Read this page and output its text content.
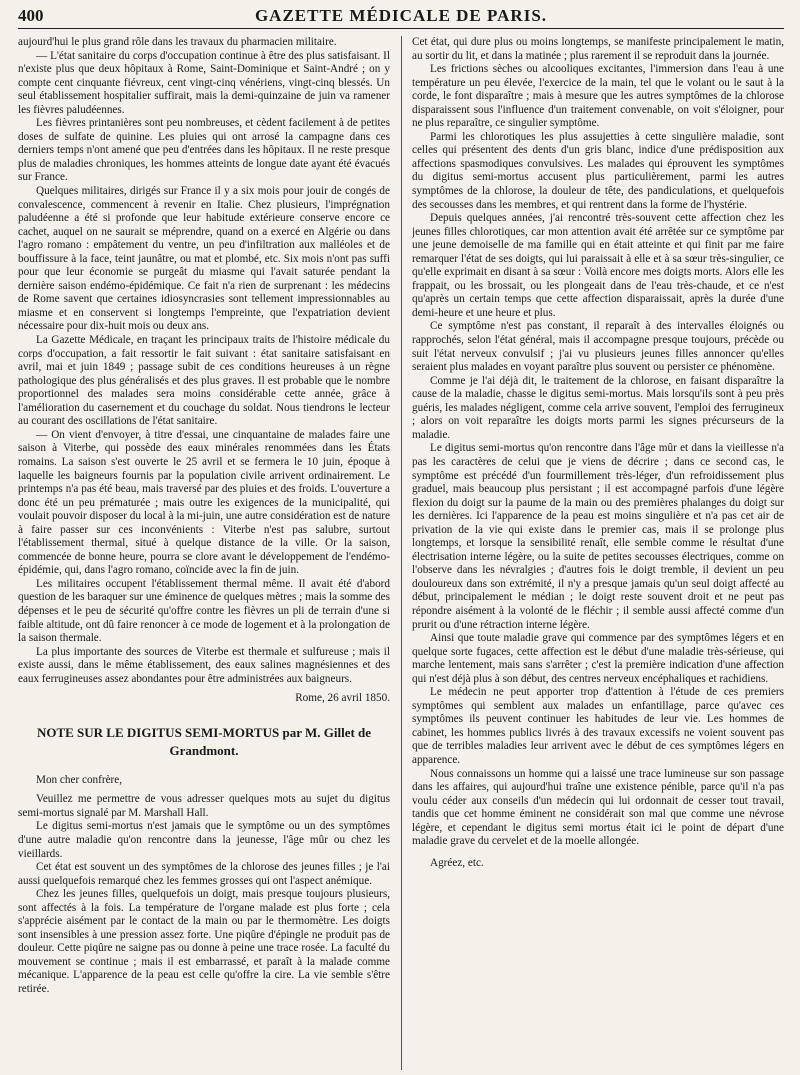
400	GAZETTE MÉDICALE DE PARIS.

aujourd'hui le plus grand rôle dans les travaux du pharmacien militaire.

— L'état sanitaire du corps d'occupation continue à être des plus satisfaisant. Il n'existe plus que deux hôpitaux à Rome, Saint-Dominique et Saint-André ; on y compte cent cinquante fiévreux, cent vingt-cinq vénériens, vingt-cinq blessés. Un seul établissement hospitalier suffirait, mais la demi-quinzaine de juin va ramener les fièvres paludéennes.

Les fièvres printanières sont peu nombreuses, et cèdent facilement à de petites doses de sulfate de quinine. Les pluies qui ont arrosé la campagne dans ces derniers temps n'ont amené que peu d'entrées dans les hôpitaux. Il ne reste presque plus de maladies chroniques, les hommes atteints de longue date ayant été évacués sur France.

Quelques militaires, dirigés sur France il y a six mois pour jouir de congés de convalescence, commencent à revenir en Italie. Chez plusieurs, l'imprégnation paludéenne a été si profonde que leur habitude extérieure conserve encore ce cachet, auquel on ne saurait se méprendre, quand on a exercé en Algérie ou dans l'agro romano : empâtement du ventre, un peu d'infiltration aux malléoles et de bouffissure à la face, teint jaunâtre, ou mat et plombé, etc. Six mois n'ont pas suffi pour que leur économie se purgeât du miasme qui l'avait saturée pendant la dernière saison endémo-épidémique. Ce fait n'a rien de surprenant : les médecins de Rome savent que certaines idiosyncrasies sont tellement impressionnables au miasme et en conservent si longtemps l'empreinte, que l'expatriation devient nécessaire pour dix-huit mois ou deux ans.

La Gazette Médicale, en traçant les principaux traits de l'histoire médicale du corps d'occupation, a fait ressortir le fait suivant : état sanitaire satisfaisant en avril, mai et juin 1849 ; passage subit de ces conditions heureuses à un règne pathologique des plus généralisés et des plus graves. Il est probable que le nombre proportionnel des malades sera moins considérable cette année, grâce à l'amélioration du casernement et du couchage du soldat. Nous tiendrons le lecteur au courant des oscillations de l'état sanitaire.

— On vient d'envoyer, à titre d'essai, une cinquantaine de malades faire une saison à Viterbe, qui possède des eaux minérales renommées dans les États romains. La saison s'est ouverte le 25 avril et se fermera le 10 juin, époque à laquelle les baigneurs fournis par la population civile arrivent ordinairement. Le printemps n'a pas été beau, mais traversé par des pluies et des froids. L'ouverture a donc été un peu prématurée ; mais outre les exigences de la municipalité, qui voulait pouvoir disposer du local à la mi-juin, une autre considération est de nature à faire passer sur ces inconvénients : Viterbe n'est pas salubre, surtout l'établissement thermal, situé à quelque distance de la ville. Or la saison, commencée de bonne heure, pourra se clore avant le développement de l'endémo-épidémie, qui, dans l'agro romano, coïncide avec la fin de juin.

Les militaires occupent l'établissement thermal même. Il avait été d'abord question de les baraquer sur une éminence de quelques mètres ; mais la somme des dépenses et le peu de sécurité qu'offre contre les fièvres un pli de terrain d'une si faible altitude, ont dû faire renoncer à ce mode de logement et à la prolongation de la saison thermale.

La plus importante des sources de Viterbe est thermale et sulfureuse ; mais il existe aussi, dans le même établissement, des eaux salines magnésiennes et des eaux ferrugineuses assez abondantes pour être administrées aux baigneurs.

Rome, 26 avril 1850.

NOTE SUR LE DIGITUS SEMI-MORTUS par M. Gillet de Grandmont.

Mon cher confrère,

Veuillez me permettre de vous adresser quelques mots au sujet du digitus semi-mortus signalé par M. Marshall Hall.

Le digitus semi-mortus n'est jamais que le symptôme ou un des symptômes d'une autre maladie qu'on rencontre dans la jeunesse, l'âge mûr ou chez les vieillards.

Cet état est souvent un des symptômes de la chlorose des jeunes filles ; je l'ai aussi quelquefois remarqué chez les femmes grosses qui ont l'aspect anémique.

Chez les jeunes filles, quelquefois un doigt, mais presque toujours plusieurs, sont affectés à la fois. La température de l'organe malade est plus forte ; cela s'apprécie aisément par le contact de la main ou par le thermomètre. Les doigts sont insensibles à une pression assez forte. Une piqûre d'épingle ne produit pas de douleur. Cette piqûre ne saigne pas ou donne à peine une trace rosée. La faculté du mouvement se continue ; mais il est embarrassé, et paraît à la malade comme mécanique. L'apparence de la peau est celle qu'offre la cire. La vie semble s'être retirée.

Cet état, qui dure plus ou moins longtemps, se manifeste principalement le matin, au sortir du lit, et dans la matinée ; plus rarement il se reproduit dans la journée.

Les frictions sèches ou alcooliques excitantes, l'immersion dans l'eau à une température un peu élevée, l'exercice de la main, tel que le volant ou le saut à la corde, le font disparaître ; mais à mesure que les autres symptômes de la chlorose disparaissent sous l'influence d'un traitement convenable, on voit s'éloigner, pour ne plus reparaître, ce singulier symptôme.

Parmi les chlorotiques les plus assujetties à cette singulière maladie, sont celles qui présentent des dents d'un gris blanc, indice d'une prédisposition aux affections spasmodiques convulsives. Les malades qui éprouvent les symptômes du digitus semi-mortus accusent plus particulièrement, parmi les autres symptômes de la chlorose, la douleur de tête, des pandiculations, et quelquefois des secousses dans les membres, et qui rentrent dans la forme de l'hystérie.

Depuis quelques années, j'ai rencontré très-souvent cette affection chez les jeunes filles chlorotiques, car mon attention avait été arrêtée sur ce symptôme par une jeune demoiselle de ma famille qui en était atteinte et qui finit par me faire remarquer l'état de ses doigts, qui lui paraissait à elle et à sa sœur très-singulier, ce qu'elle exprimait en disant à sa sœur : Voilà encore mes doigts morts. Alors elle les frappait, ou les brossait, ou les plongeait dans de l'eau très-chaude, et ce n'est qu'après un certain temps que cette affection disparaissait, après la durée d'une demi-heure et une heure et plus.

Ce symptôme n'est pas constant, il reparaît à des intervalles éloignés ou rapprochés, selon l'état général, mais il accompagne presque toujours, précède ou suit l'état nerveux convulsif ; j'ai vu plusieurs jeunes filles annoncer qu'elles seraient plus malades en voyant paraître plus souvent ou persister ce phénomène.

Comme je l'ai déjà dit, le traitement de la chlorose, en faisant disparaître la cause de la maladie, chasse le digitus semi-mortus. Mais lorsqu'ils sont à peu près guéris, les malades négligent, comme cela arrive souvent, l'emploi des ferrugineux ; alors on voit reparaître les doigts morts parmi les signes précurseurs de la maladie.

Le digitus semi-mortus qu'on rencontre dans l'âge mûr et dans la vieillesse n'a pas les caractères de celui que je viens de décrire ; dans ce second cas, le symptôme est précédé d'un fourmillement très-léger, d'un refroidissement plus graduel, mais beaucoup plus persistant ; il est accompagné parfois d'une légère flexion du doigt sur la paume de la main ou des premières phalanges du doigt sur les dernières. Ici l'apparence de la peau est moins singulière et n'a pas cet air de privation de la vie qui existe dans le premier cas, mais il se prolonge plus longtemps, et lorsque la sensibilité renaît, elle semble comme le résultat d'une électrisation interne légère, ou la suite de petites secousses électriques, comme on l'observe dans les névralgies ; d'autres fois le doigt tremble, il devient un peu douloureux dans son extrémité, il n'y a presque jamais qu'un seul doigt affecté au début, principalement le médian ; le doigt reste souvent droit et ne peut pas répondre aisément à la volonté de le fléchir ; il semble aussi affecté comme d'un prurit ou d'une rétraction interne légère.

Ainsi que toute maladie grave qui commence par des symptômes légers et en quelque sorte fugaces, cette affection est le début d'une maladie très-sérieuse, qui marche lentement, mais sans s'arrêter ; c'est la première indication d'une affection qui n'est déjà plus à son début, des centres nerveux encéphaliques et rachidiens.

Le médecin ne peut apporter trop d'attention à l'étude de ces premiers symptômes qui semblent aux malades un enfantillage, parce qu'avec ces symptômes ils peuvent continuer les habitudes de leur vie. Les hommes de cabinet, les hommes publics livrés à des travaux excessifs ne voient souvent pas que de terribles maladies leur arrivent avec le début de ces symptômes légers en apparence.

Nous connaissons un homme qui a laissé une trace lumineuse sur son passage dans les affaires, qui aujourd'hui traîne une existence pénible, parce qu'il n'a pas voulu céder aux conseils d'un médecin qui lui ordonnait de cesser tout travail, tandis que cet homme éminent ne considérait son mal que comme une névrose légère, et cependant le digitus semi mortus était ici le point de départ d'une maladie grave du cervelet et de la moelle allongée.

Agréez, etc.
